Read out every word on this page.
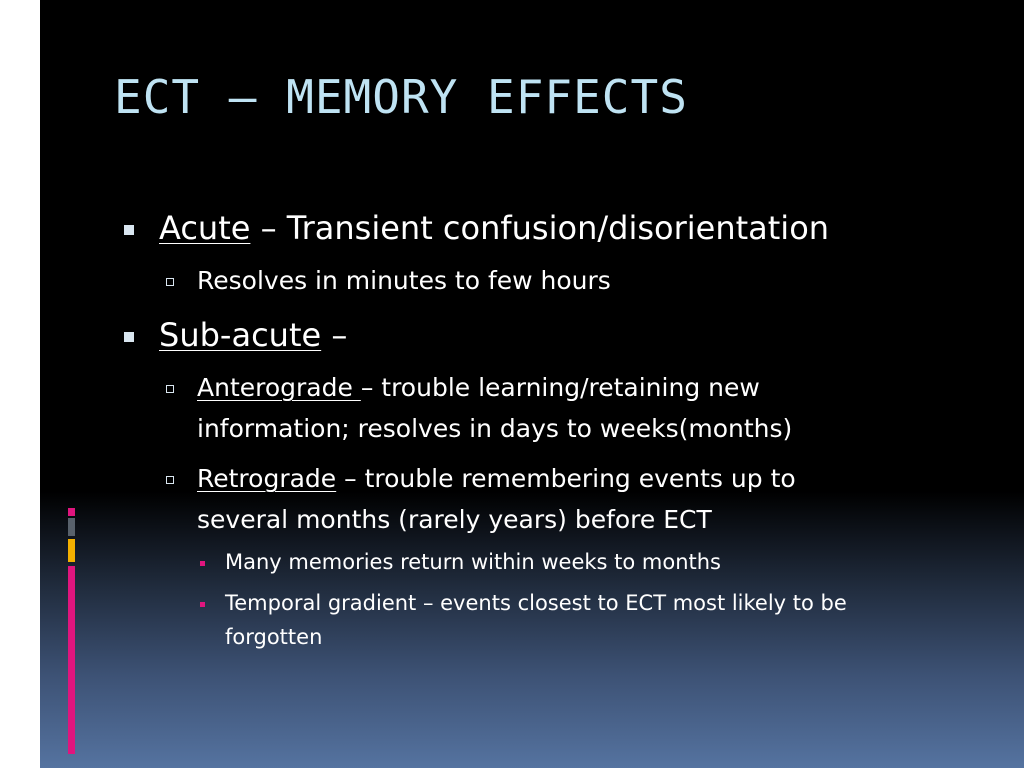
ECT – MEMORY EFFECTS
Acute – Transient confusion/disorientation
Resolves in minutes to few hours
Sub-acute –
Anterograde – trouble learning/retaining new
information; resolves in days to weeks(months)
Retrograde – trouble remembering events up to
several months (rarely years) before ECT
Many memories return within weeks to months
Temporal gradient – events closest to ECT most likely to be
forgotten
